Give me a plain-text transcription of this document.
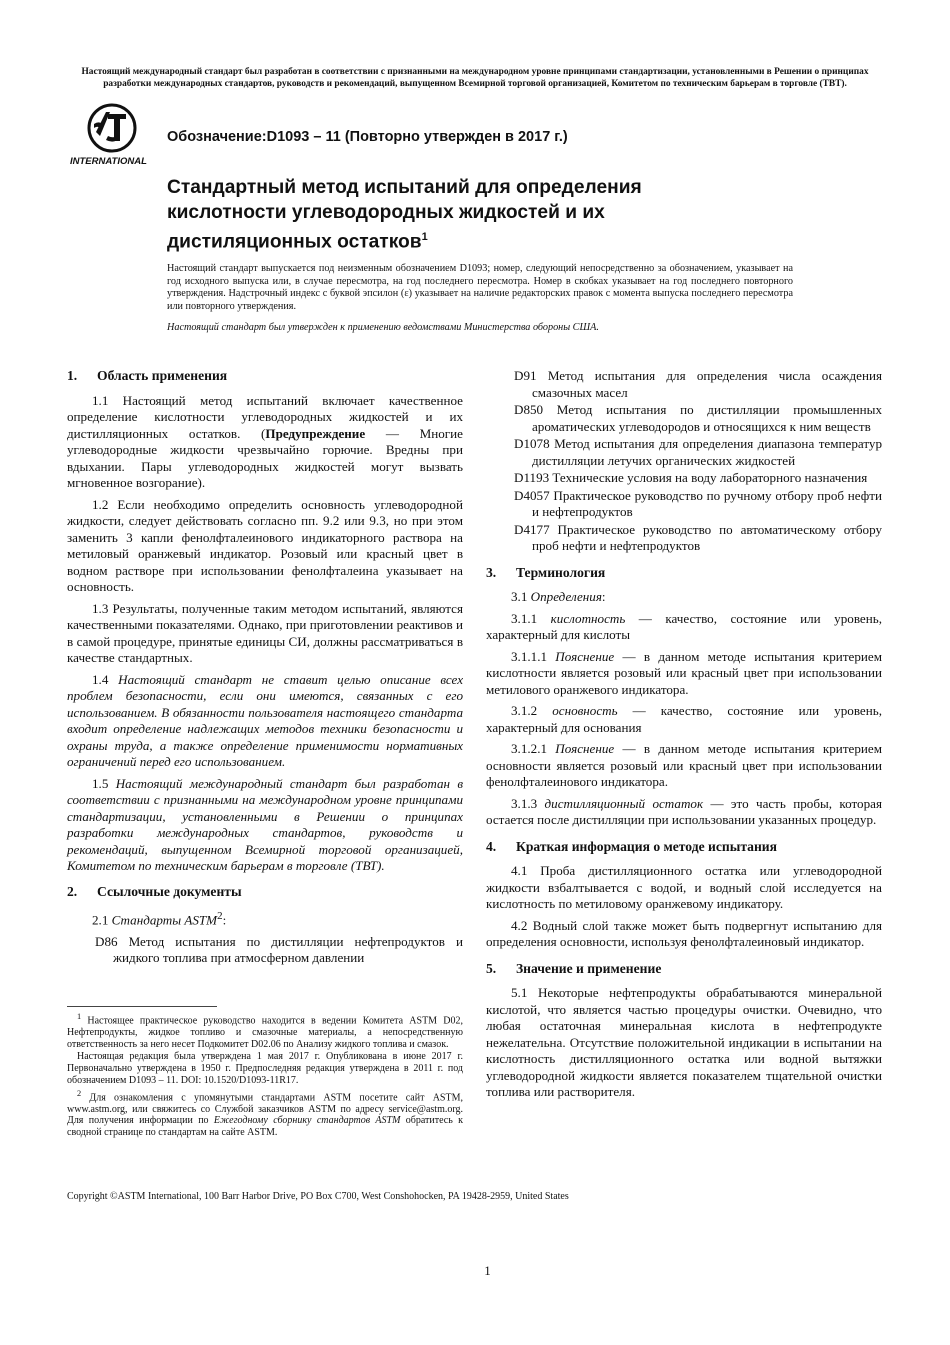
Настоящий международный стандарт был разработан в соответствии с признанными на международном уровне принципами стандартизации, установленными в Решении о принципах
разработки международных стандартов, руководств и рекомендаций, выпущенном Всемирной торговой организацией, Комитетом по техническим барьерам в торговле (ТВТ).
INTERNATIONAL
Обозначение:D1093 – 11 (Повторно утвержден в 2017 г.)
Стандартный метод испытаний для определения
кислотности углеводородных жидкостей и их
дистиляционных остатков$^1$
Настоящий стандарт выпускается под неизменным обозначением D1093; номер, следующий непосредственно за обозначением, указывает на год исходного выпуска или, в случае пересмотра, на год последнего пересмотра. Номер в скобках указывает на год последнего повторного утверждения. Надстрочный индекс с буквой эпсилон (ε) указывает на наличие редакторских правок с момента выпуска последнего пересмотра или повторного утверждения.
Настоящий стандарт был утвержден к применению ведомствами Министерства обороны США.
1. Область применения

1.1 Настоящий метод испытаний включает качественное определение кислотности углеводородных жидкостей и их дистилляционных остатков. (Предупреждение — Многие углеводородные жидкости чрезвычайно горючие. Вредны при вдыхании. Пары углеводородных жидкостей могут вызвать мгновенное возгорание).

1.2 Если необходимо определить основность углеводородной жидкости, следует действовать согласно пп. 9.2 или 9.3, но при этом заменить 3 капли фенолфталеинового индикаторного раствора на метиловый оранжевый индикатор. Розовый или красный цвет в водном растворе при использовании фенолфталеина указывает на основность.

1.3 Результаты, полученные таким методом испытаний, являются качественными показателями. Однако, при приготовлении реактивов и в самой процедуре, принятые единицы СИ, должны рассматриваться в качестве стандартных.

1.4 Настоящий стандарт не ставит целью описание всех проблем безопасности, если они имеются, связанных с его использованием. В обязанности пользователя настоящего стандарта входит определение надлежащих методов техники безопасности и охраны труда, а также определение применимости нормативных ограничений перед его использованием.

1.5 Настоящий международный стандарт был разработан в соответствии с признанными на международном уровне принципами стандартизации, установленными в Решении о принципах разработки международных стандартов, руководств и рекомендаций, выпущенном Всемирной торговой организацией, Комитетом по техническим барьерам в торговле (ТВТ).

2. Ссылочные документы

2.1 Стандарты ASTM$^2$:

D86 Метод испытания по дистилляции нефтепродуктов и жидкого топлива при атмосферном давлении

$^1$ Настоящее практическое руководство находится в ведении Комитета ASTM D02, Нефтепродукты, жидкое топливо и смазочные материалы, а непосредственную ответственность за него несет Подкомитет D02.06 по Анализу жидкого топлива и смазок.

Настоящая редакция была утверждена 1 мая 2017 г. Опубликована в июне 2017 г. Первоначально утверждена в 1950 г. Предпоследняя редакция утверждена в 2011 г. под обозначением D1093 – 11. DOI: 10.1520/D1093-11R17.

$^2$ Для ознакомления с упомянутыми стандартами ASTM посетите сайт ASTM, www.astm.org, или свяжитесь со Службой заказчиков ASTM по адресу service@astm.org. Для получения информации по Ежегодному сборнику стандартов ASTM обратитесь к сводной странице по стандартам на сайте ASTM.

D91 Метод испытания для определения числа осаждения смазочных масел
D850 Метод испытания по дистилляции промышленных ароматических углеводородов и относящихся к ним веществ
D1078 Метод испытания для определения диапазона температур дистилляции летучих органических жидкостей
D1193 Технические условия на воду лабораторного назначения
D4057 Практическое руководство по ручному отбору проб нефти и нефтепродуктов
D4177 Практическое руководство по автоматическому отбору проб нефти и нефтепродуктов
3. Терминология

3.1 Определения:

3.1.1 кислотность — качество, состояние или уровень, характерный для кислоты

3.1.1.1 Пояснение — в данном методе испытания критерием кислотности является розовый или красный цвет при использовании метилового оранжевого индикатора.

3.1.2 основность — качество, состояние или уровень, характерный для основания

3.1.2.1 Пояснение — в данном методе испытания критерием основности является розовый или красный цвет при использовании фенолфталеинового индикатора.

3.1.3 дистилляционный остаток — это часть пробы, которая остается после дистилляции при использовании указанных процедур.

4. Краткая информация о методе испытания

4.1 Проба дистилляционного остатка или углеводородной жидкости взбалтывается с водой, и водный слой исследуется на кислотность по метиловому оранжевому индикатору.

4.2 Водный слой также может быть подвергнут испытанию для определения основности, используя фенолфталеиновый индикатор.

5. Значение и применение

5.1 Некоторые нефтепродукты обрабатываются минеральной кислотой, что является частью процедуры очистки. Очевидно, что любая остаточная минеральная кислота в нефтепродукте нежелательна. Отсутствие положительной индикации в испытании на кислотность дистилляционного остатка или водной вытяжки углеводородной жидкости является показателем тщательной очистки топлива или растворителя.

Copyright ©ASTM International, 100 Barr Harbor Drive, PO Box C700, West Conshohocken, PA 19428-2959, United States
1
